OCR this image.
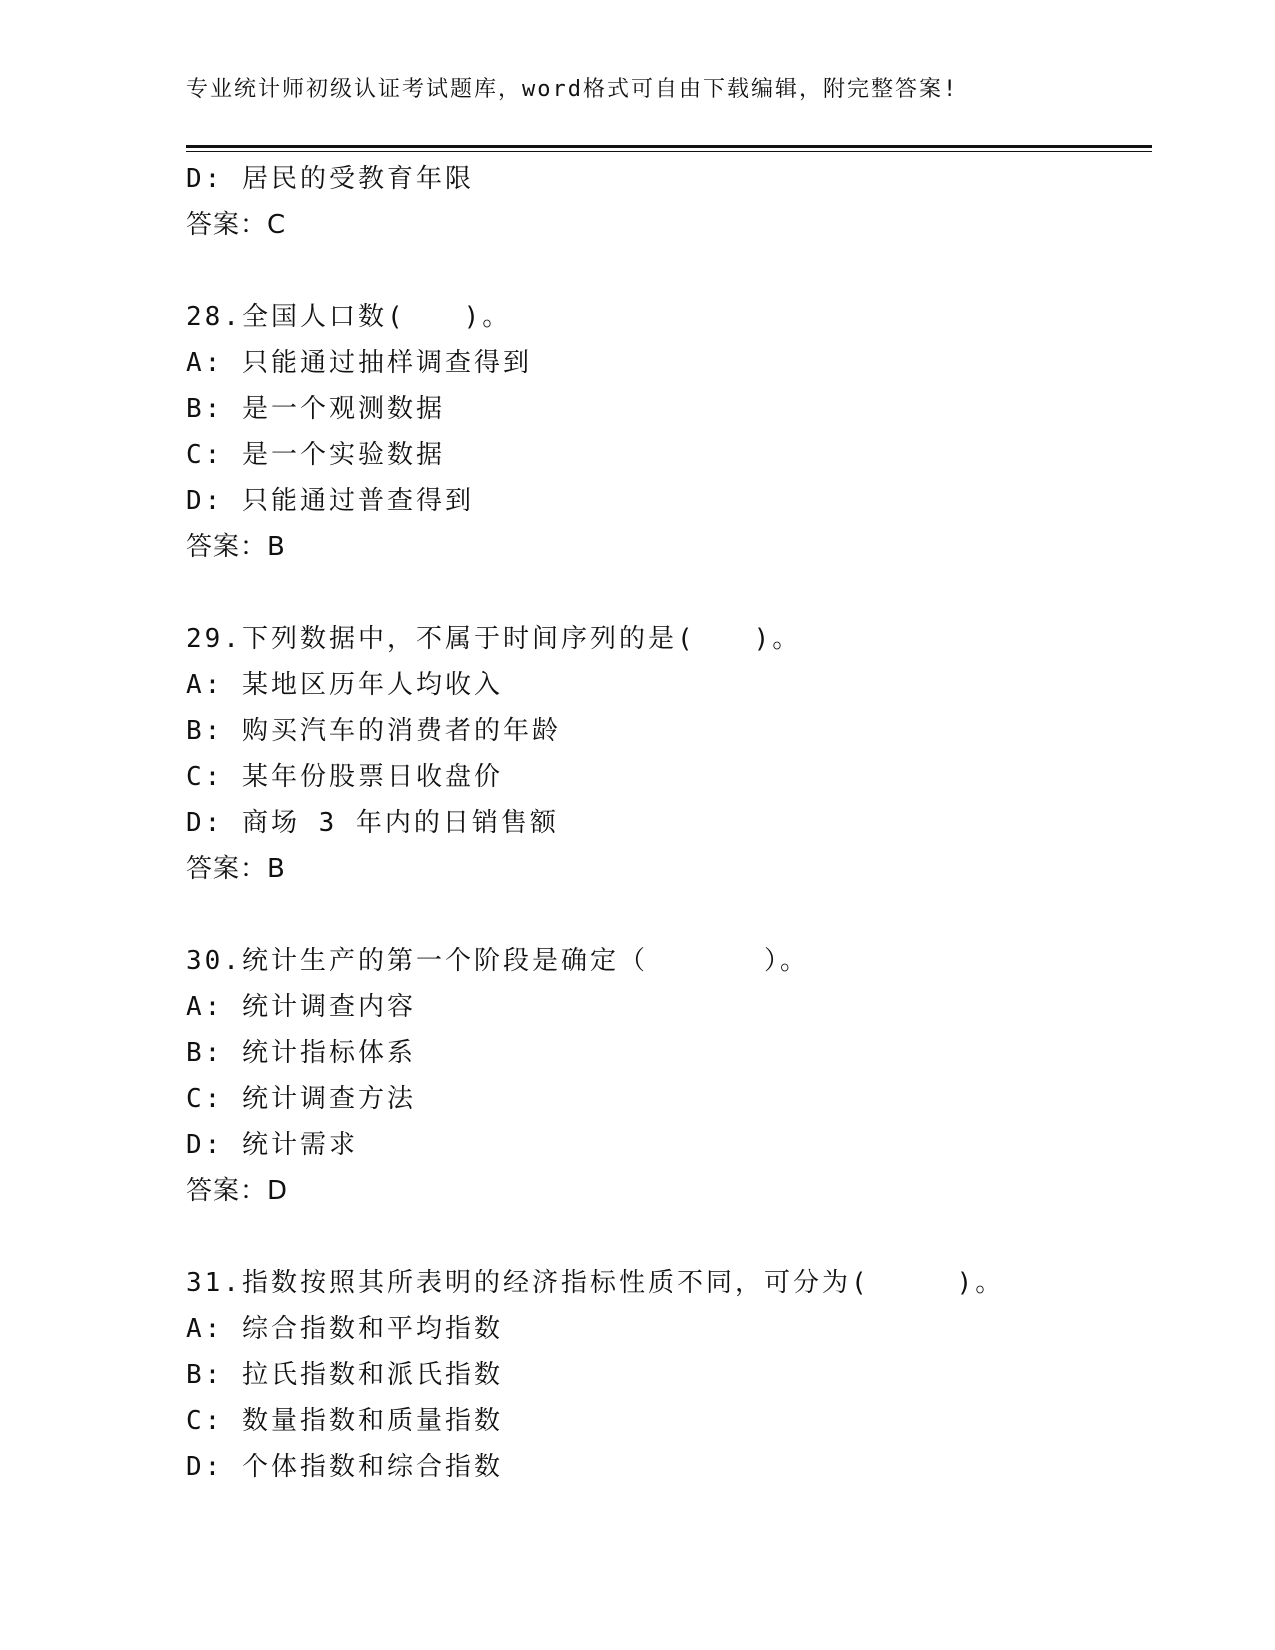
专业统计师初级认证考试题库，word格式可自由下载编辑，附完整答案!
D: 居民的受教育年限
答案：C
28.全国人口数(　　)。
A: 只能通过抽样调查得到
B: 是一个观测数据
C: 是一个实验数据
D: 只能通过普查得到
答案：B
29.下列数据中，不属于时间序列的是(　　)。
A: 某地区历年人均收入
B: 购买汽车的消费者的年龄
C: 某年份股票日收盘价
D: 商场 3 年内的日销售额
答案：B
30.统计生产的第一个阶段是确定（　　　　）。
A: 统计调查内容
B: 统计指标体系
C: 统计调查方法
D: 统计需求
答案：D
31.指数按照其所表明的经济指标性质不同，可分为(　　　)。
A: 综合指数和平均指数
B: 拉氏指数和派氏指数
C: 数量指数和质量指数
D: 个体指数和综合指数
